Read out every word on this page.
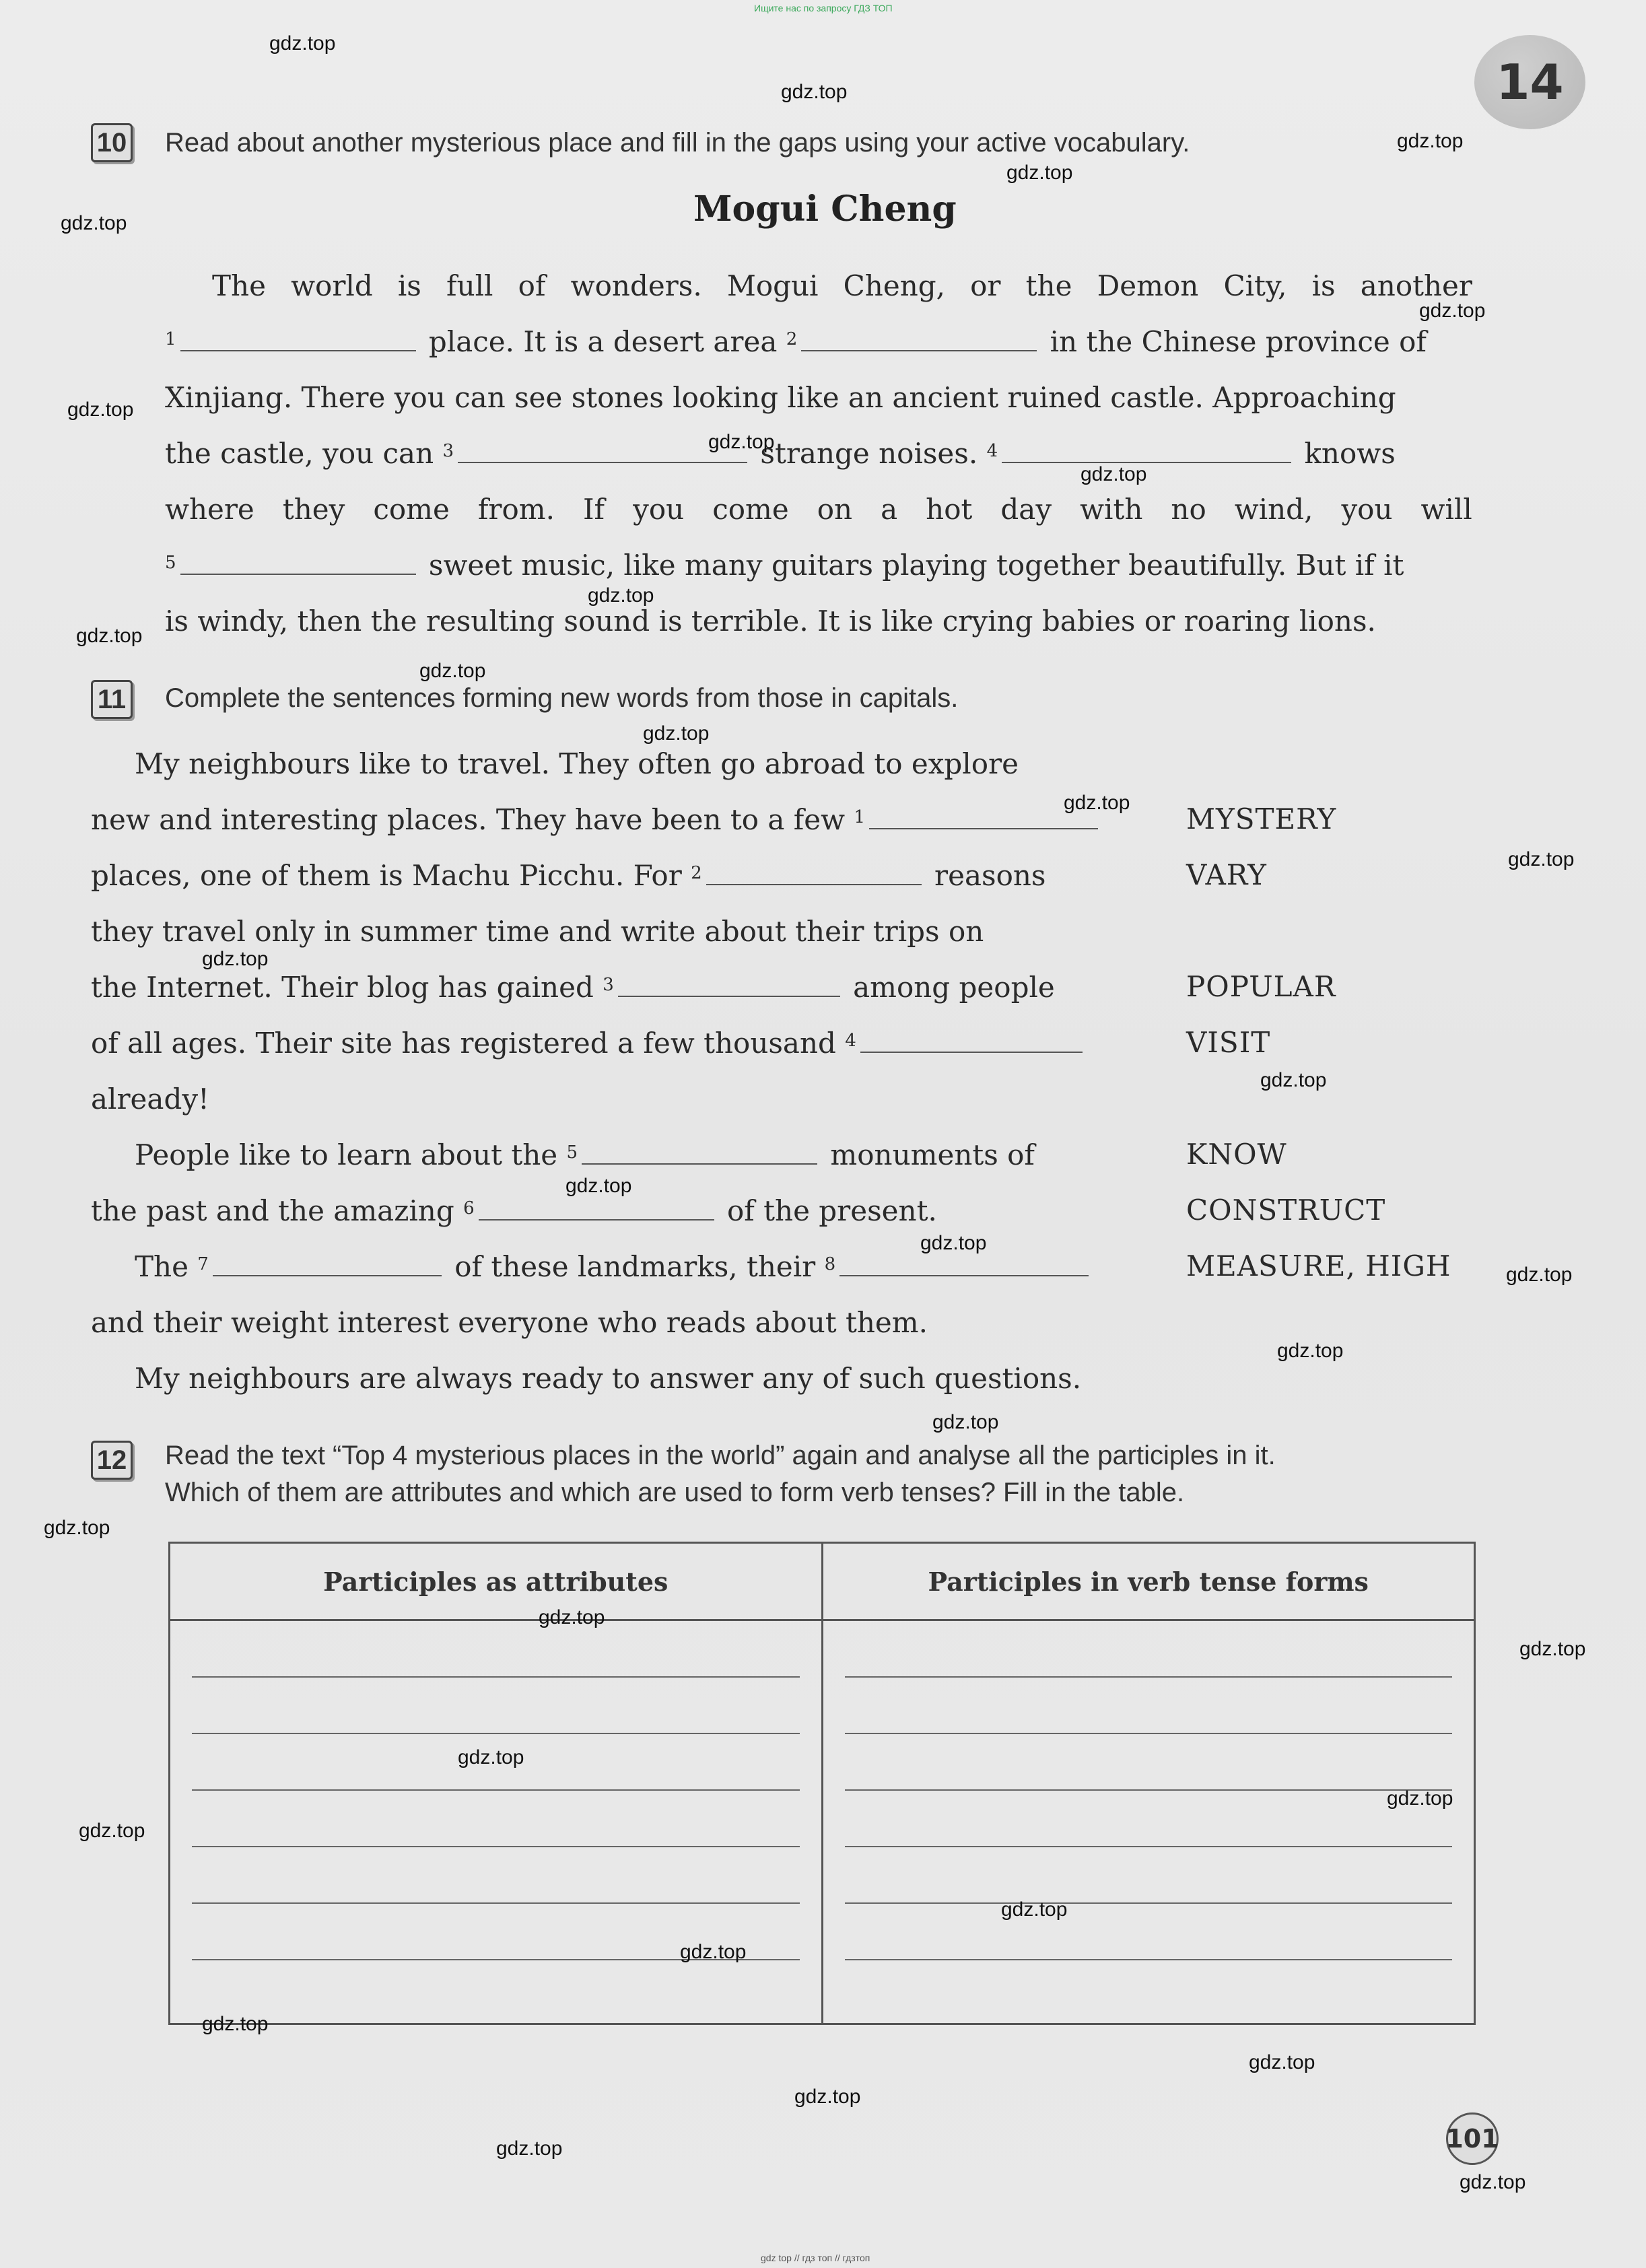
Ищите нас по запросу ГДЗ ТОП
14
10 Read about another mysterious place and fill in the gaps using your active vocabulary.
Mogui Cheng
The world is full of wonders. Mogui Cheng, or the Demon City, is another
$^1$	place. It is a desert area $^2$	in the Chinese province of
Xinjiang. There you can see stones looking like an ancient ruined castle. Approaching
the castle, you can $^3$	strange noises. $^4$	knows
where they come from. If you come on a hot day with no wind, you will
$^5$	sweet music, like many guitars playing together beautifully. But if it
is windy, then the resulting sound is terrible. It is like crying babies or roaring lions.
11 Complete the sentences forming new words from those in capitals.
My neighbours like to travel. They often go abroad to explore
new and interesting places. They have been to a few $^1$
places, one of them is Machu Picchu. For $^2$	reasons
they travel only in summer time and write about their trips on
the Internet. Their blog has gained $^3$	among people
of all ages. Their site has registered a few thousand $^4$
already!
People like to learn about the $^5$	monuments of
the past and the amazing $^6$	of the present.
The $^7$	of these landmarks, their $^8$
and their weight interest everyone who reads about them.
My neighbours are always ready to answer any of such questions.
MYSTERY
VARY
POPULAR
VISIT
KNOW
CONSTRUCT
MEASURE, HIGH
12 Read the text “Top 4 mysterious places in the world” again and analyse all the participles in it.
Which of them are attributes and which are used to form verb tenses? Fill in the table.
Participles as attributes	Participles in verb tense forms

101
gdz.top
gdz.top
gdz.top
gdz.top
gdz.top
gdz.top
gdz.top
gdz.top
gdz.top
gdz.top
gdz.top
gdz.top
gdz.top
gdz.top
gdz.top
gdz.top
gdz.top
gdz.top
gdz.top
gdz.top
gdz.top
gdz.top
gdz.top
gdz.top
gdz.top
gdz.top
gdz.top
gdz.top
gdz.top
gdz.top
gdz.top
gdz.top
gdz.top
gdz.top
gdz.top
gdz top // гдз топ // гдзтоп
